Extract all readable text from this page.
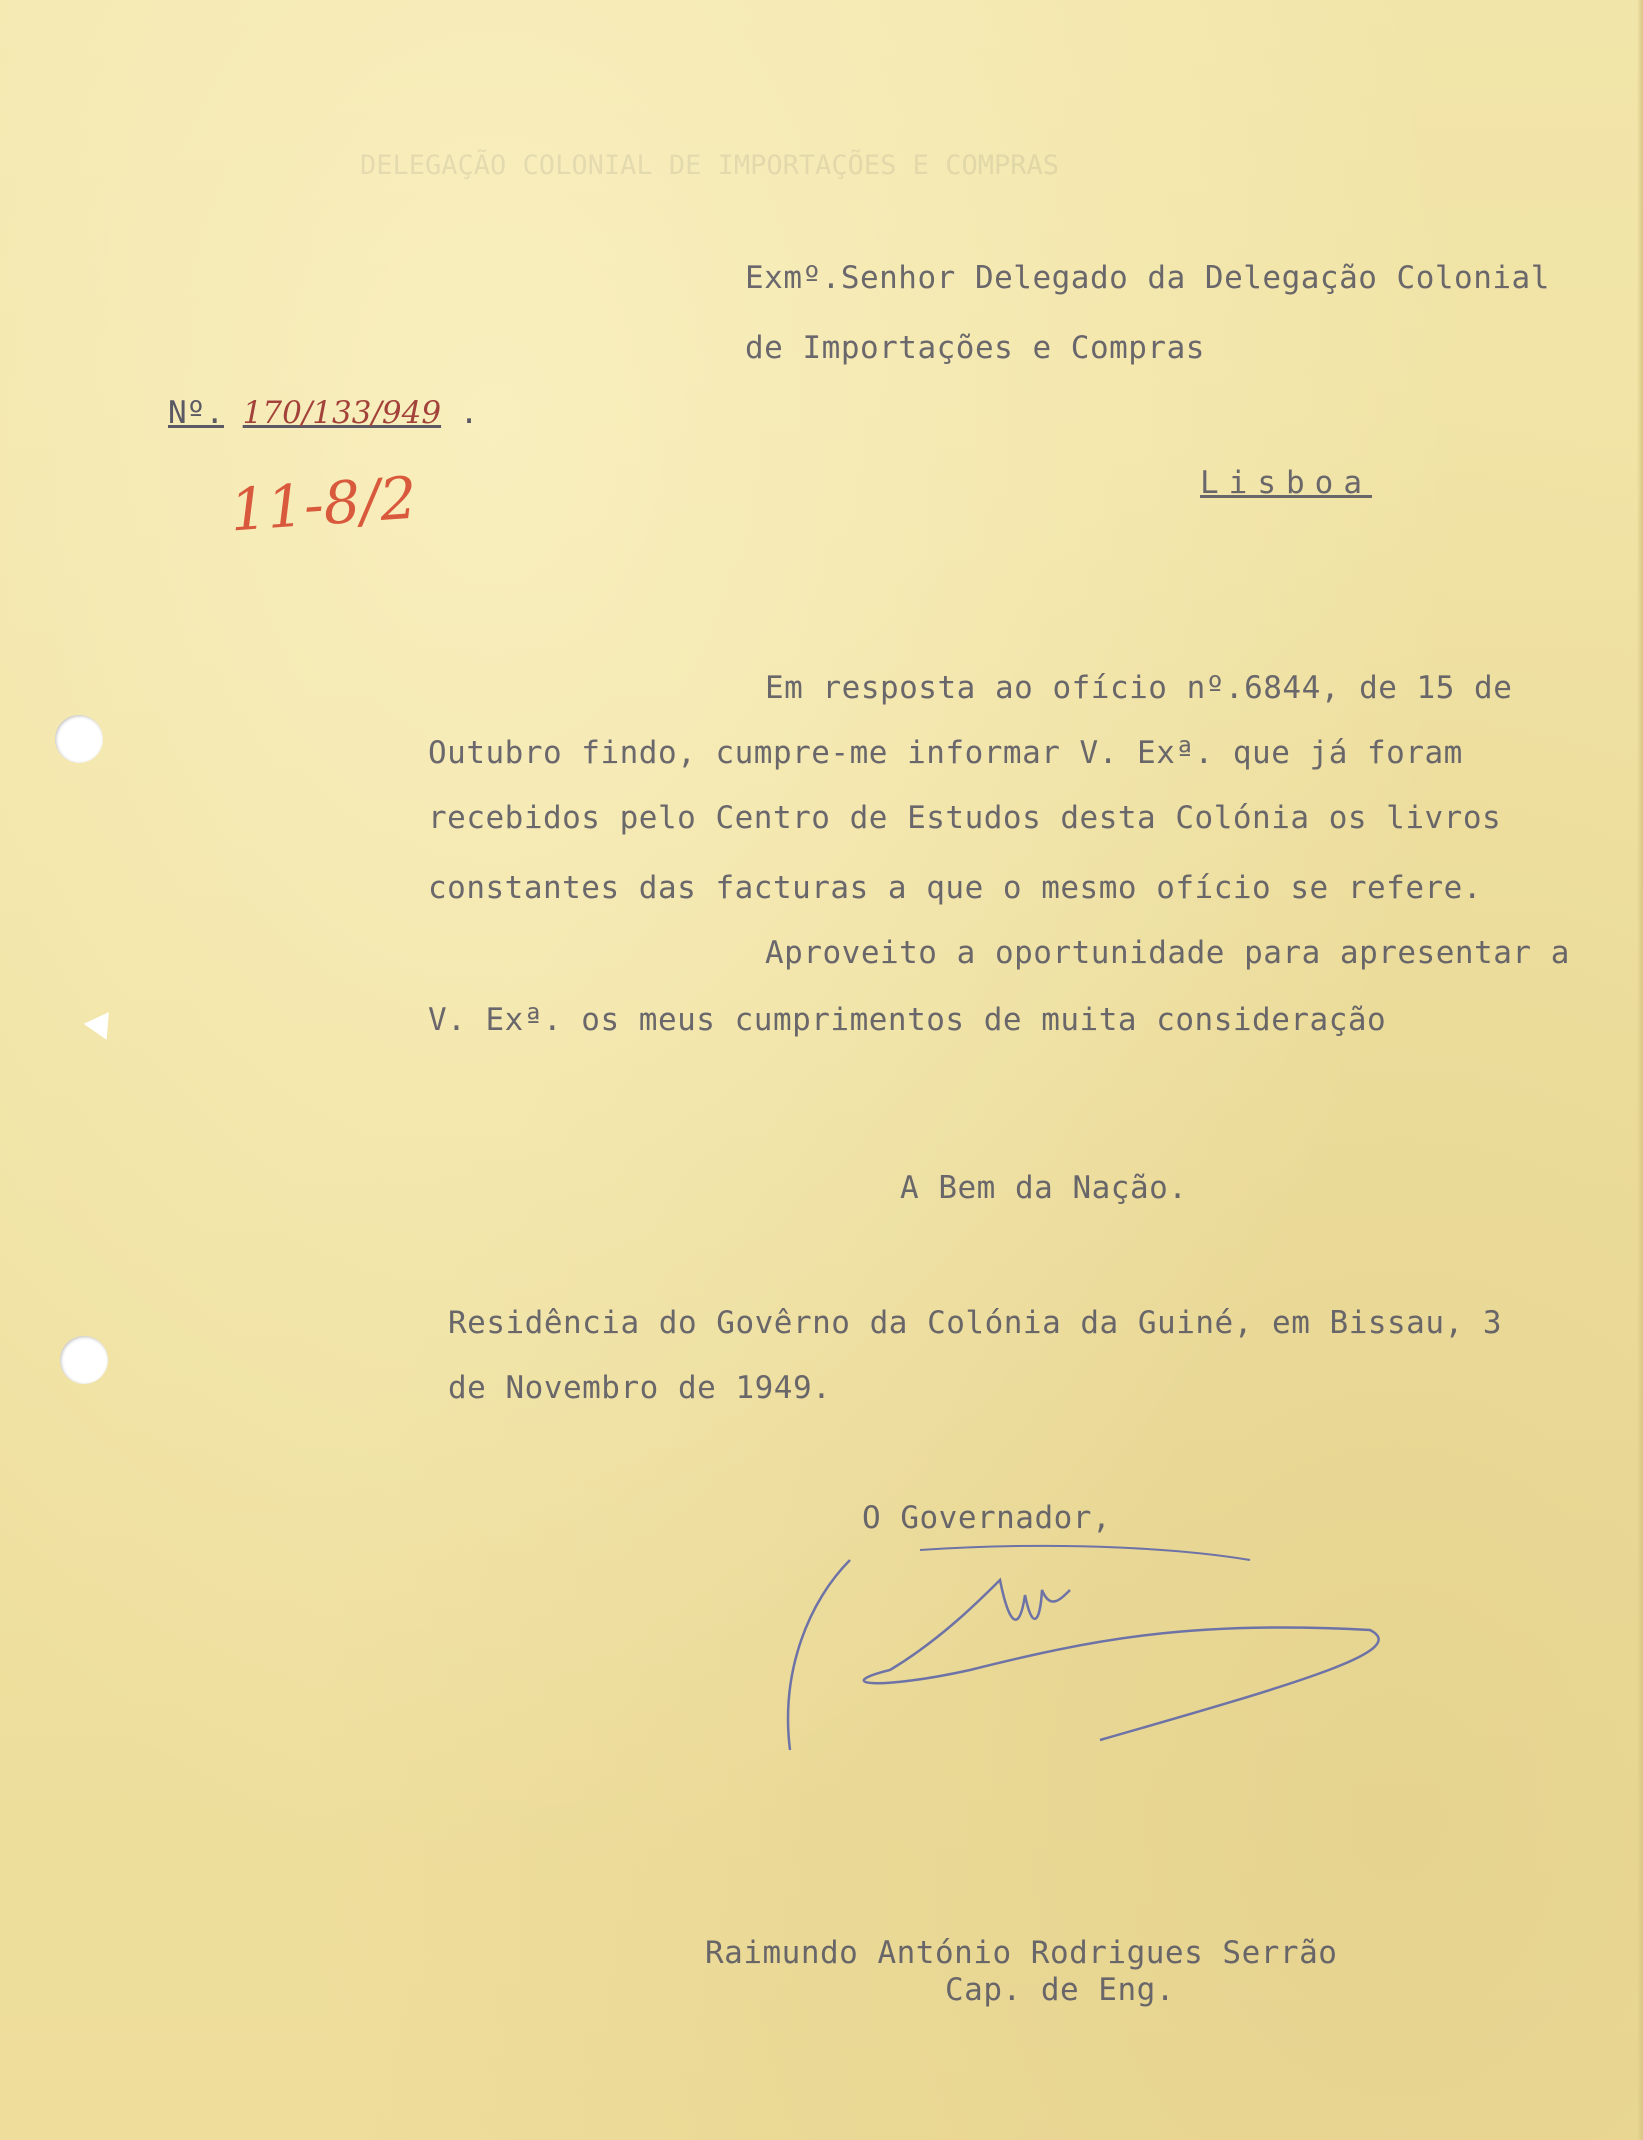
DELEGAÇÃO COLONIAL DE IMPORTAÇÕES E COMPRAS
Exmº.Senhor Delegado da Delegação Colonial
de Importações e Compras
Lisboa
Nº. 170/133/949 .
11-8/2
Em resposta ao ofício nº.6844, de 15 de
Outubro findo, cumpre-me informar V. Exª. que já foram
recebidos pelo Centro de Estudos desta Colónia os livros
constantes das facturas a que o mesmo ofício se refere.
Aproveito a oportunidade para apresentar a
V. Exª. os meus cumprimentos de muita consideração
A Bem da Nação.
Residência do Govêrno da Colónia da Guiné, em Bissau, 3
de Novembro de 1949.
O Governador,
Raimundo António Rodrigues Serrão
Cap. de Eng.
